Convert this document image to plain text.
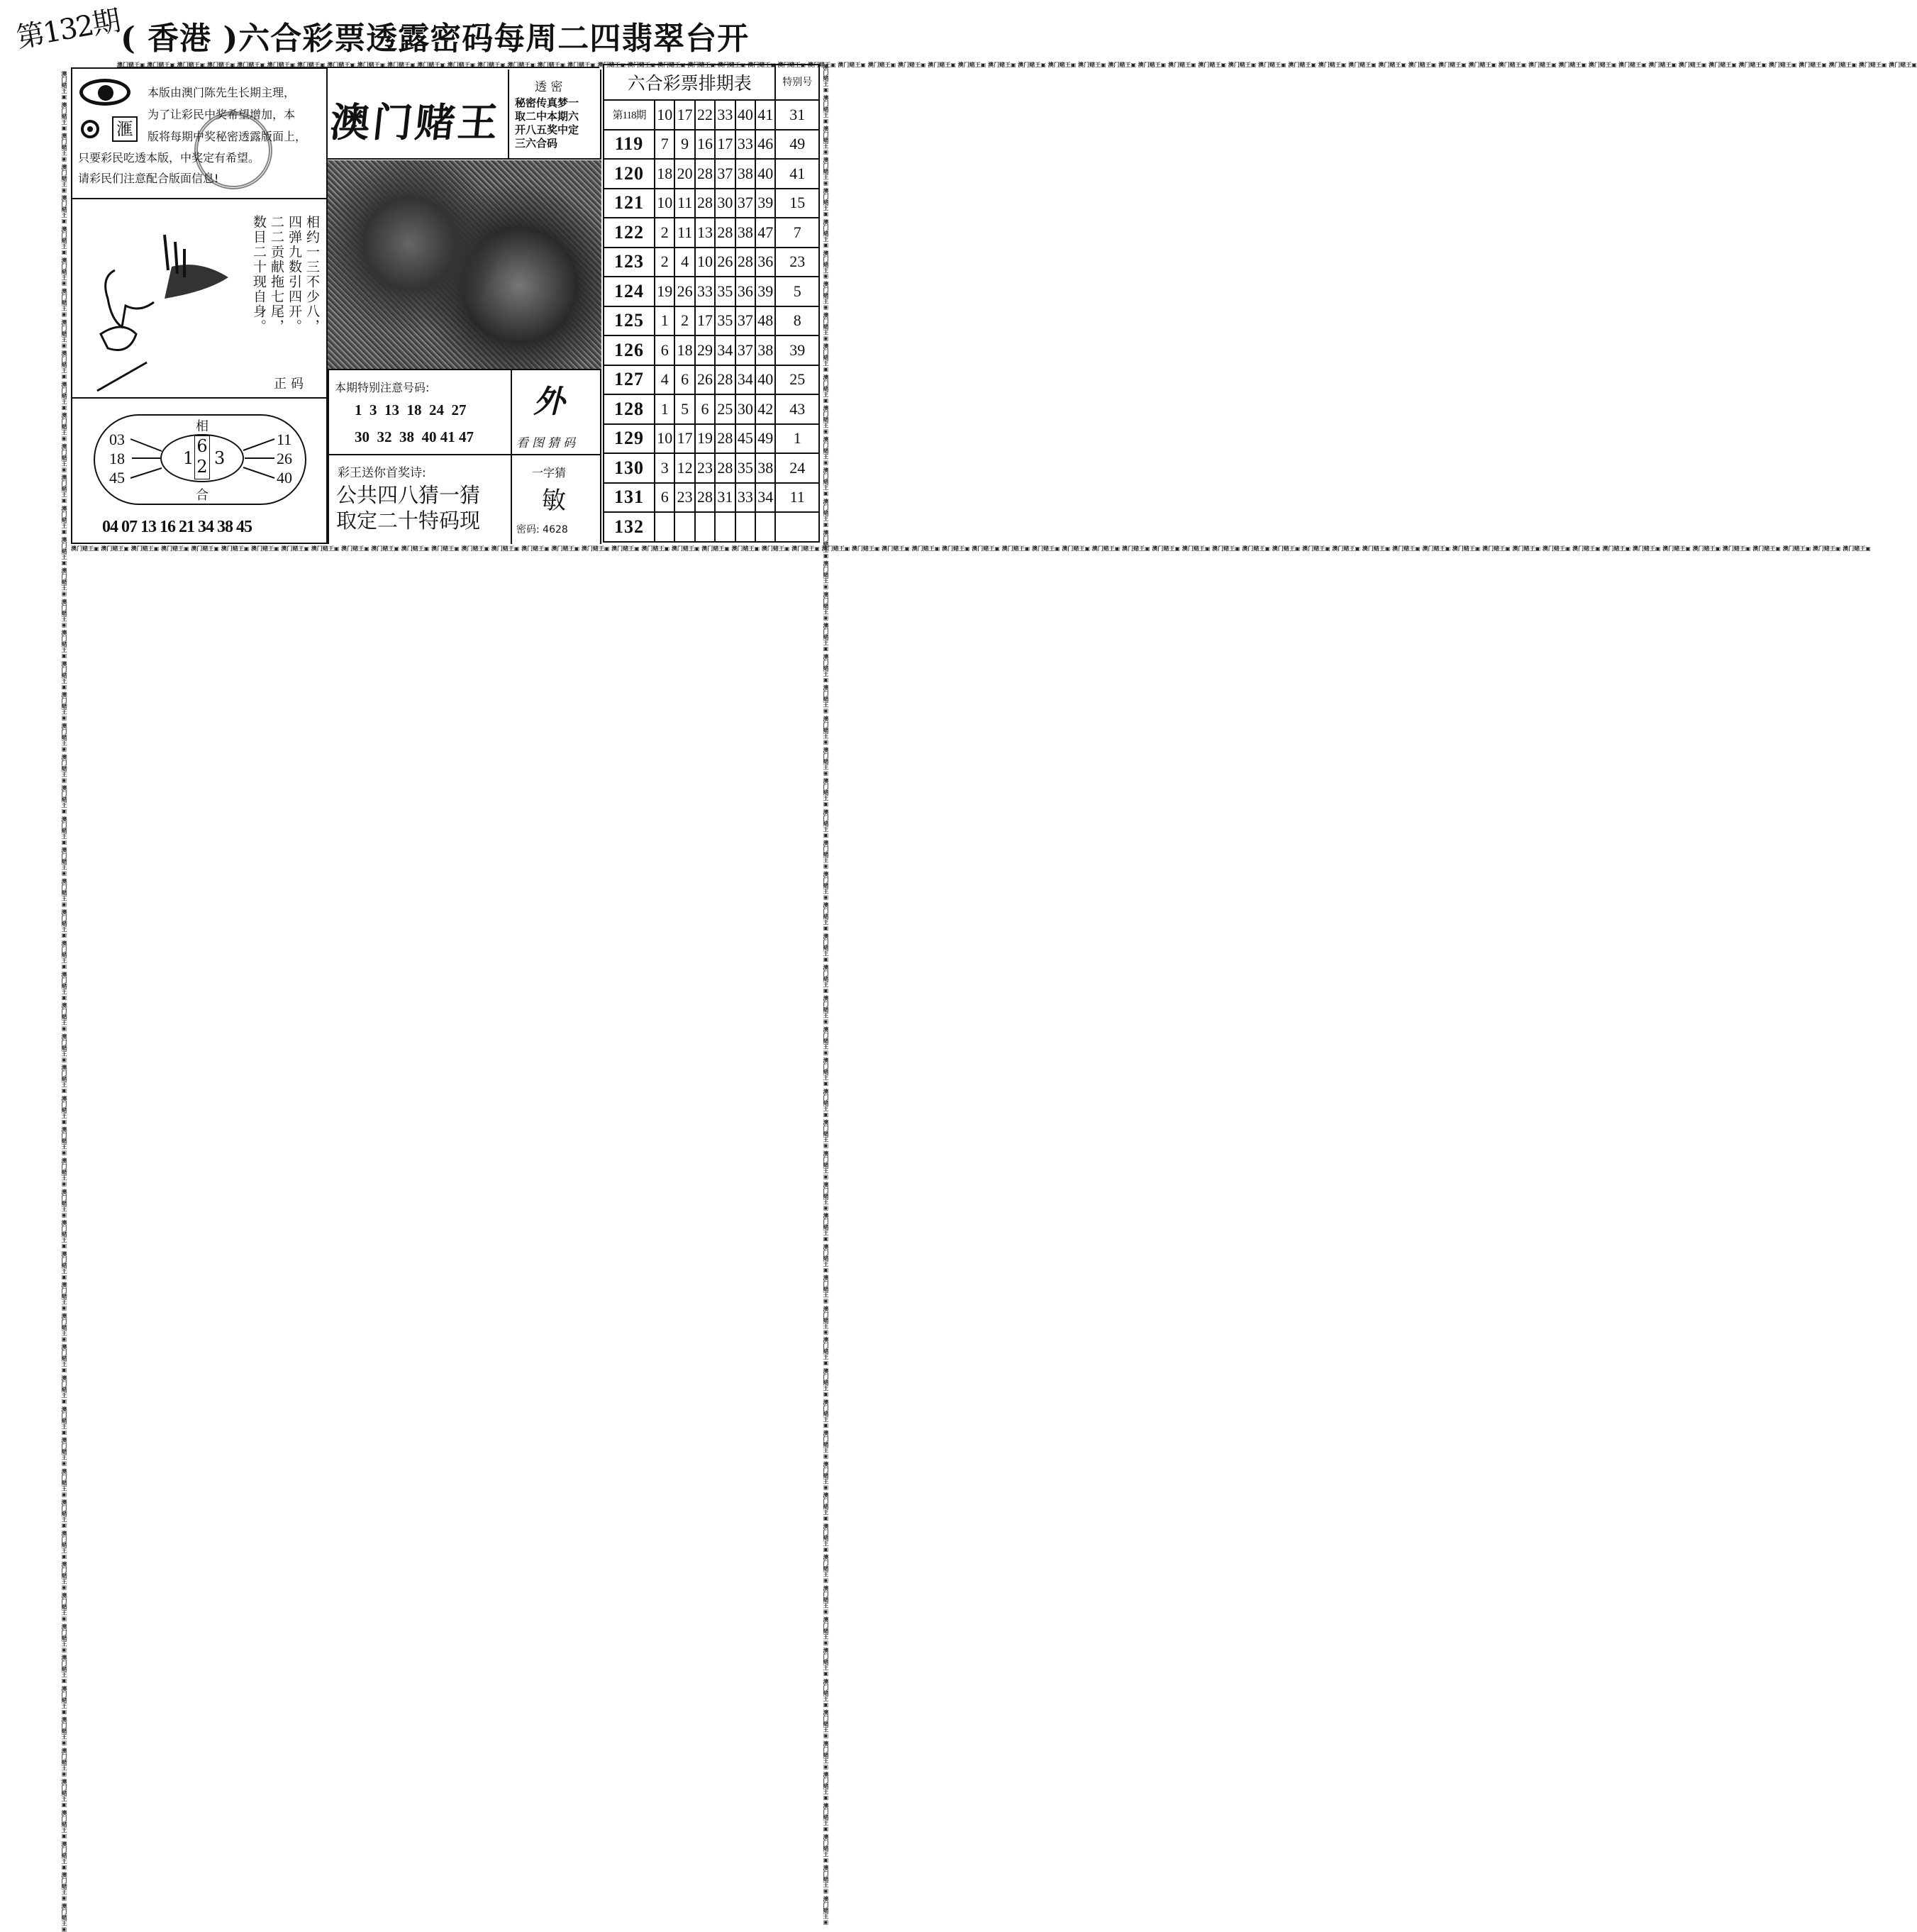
第132期
( 香港 )六合彩票透露密码每周二四翡翠台开
澳门赌王▣ 澳门赌王▣ 澳门赌王▣ 澳门赌王▣ 澳门赌王▣ 澳门赌王▣ 澳门赌王▣ 澳门赌王▣ 澳门赌王▣ 澳门赌王▣ 澳门赌王▣ 澳门赌王▣ 澳门赌王▣ 澳门赌王▣ 澳门赌王▣ 澳门赌王▣ 澳门赌王▣ 澳门赌王▣ 澳门赌王▣ 澳门赌王▣ 澳门赌王▣ 澳门赌王▣ 澳门赌王▣ 澳门赌王▣ 澳门赌王▣ 澳门赌王▣ 澳门赌王▣ 澳门赌王▣ 澳门赌王▣ 澳门赌王▣ 澳门赌王▣ 澳门赌王▣ 澳门赌王▣ 澳门赌王▣ 澳门赌王▣ 澳门赌王▣ 澳门赌王▣ 澳门赌王▣ 澳门赌王▣ 澳门赌王▣ 澳门赌王▣ 澳门赌王▣ 澳门赌王▣ 澳门赌王▣ 澳门赌王▣ 澳门赌王▣ 澳门赌王▣ 澳门赌王▣ 澳门赌王▣ 澳门赌王▣ 澳门赌王▣ 澳门赌王▣ 澳门赌王▣ 澳门赌王▣ 澳门赌王▣ 澳门赌王▣ 澳门赌王▣ 澳门赌王▣ 澳门赌王▣ 澳门赌王▣
澳门赌王▣ 澳门赌王▣ 澳门赌王▣ 澳门赌王▣ 澳门赌王▣ 澳门赌王▣ 澳门赌王▣ 澳门赌王▣ 澳门赌王▣ 澳门赌王▣ 澳门赌王▣ 澳门赌王▣ 澳门赌王▣ 澳门赌王▣ 澳门赌王▣ 澳门赌王▣ 澳门赌王▣ 澳门赌王▣ 澳门赌王▣ 澳门赌王▣ 澳门赌王▣ 澳门赌王▣ 澳门赌王▣ 澳门赌王▣ 澳门赌王▣ 澳门赌王▣ 澳门赌王▣ 澳门赌王▣ 澳门赌王▣ 澳门赌王▣ 澳门赌王▣ 澳门赌王▣ 澳门赌王▣ 澳门赌王▣ 澳门赌王▣ 澳门赌王▣ 澳门赌王▣ 澳门赌王▣ 澳门赌王▣ 澳门赌王▣ 澳门赌王▣ 澳门赌王▣ 澳门赌王▣ 澳门赌王▣ 澳门赌王▣ 澳门赌王▣ 澳门赌王▣ 澳门赌王▣ 澳门赌王▣ 澳门赌王▣ 澳门赌王▣ 澳门赌王▣ 澳门赌王▣ 澳门赌王▣ 澳门赌王▣ 澳门赌王▣ 澳门赌王▣ 澳门赌王▣ 澳门赌王▣ 澳门赌王▣
澳门赌王▣ 澳门赌王▣ 澳门赌王▣ 澳门赌王▣ 澳门赌王▣ 澳门赌王▣ 澳门赌王▣ 澳门赌王▣ 澳门赌王▣ 澳门赌王▣ 澳门赌王▣ 澳门赌王▣ 澳门赌王▣ 澳门赌王▣ 澳门赌王▣ 澳门赌王▣ 澳门赌王▣ 澳门赌王▣ 澳门赌王▣ 澳门赌王▣ 澳门赌王▣ 澳门赌王▣ 澳门赌王▣ 澳门赌王▣ 澳门赌王▣ 澳门赌王▣ 澳门赌王▣ 澳门赌王▣ 澳门赌王▣ 澳门赌王▣ 澳门赌王▣ 澳门赌王▣ 澳门赌王▣ 澳门赌王▣ 澳门赌王▣ 澳门赌王▣ 澳门赌王▣ 澳门赌王▣ 澳门赌王▣ 澳门赌王▣ 澳门赌王▣ 澳门赌王▣ 澳门赌王▣ 澳门赌王▣ 澳门赌王▣ 澳门赌王▣ 澳门赌王▣ 澳门赌王▣ 澳门赌王▣ 澳门赌王▣ 澳门赌王▣ 澳门赌王▣ 澳门赌王▣ 澳门赌王▣ 澳门赌王▣ 澳门赌王▣ 澳门赌王▣ 澳门赌王▣ 澳门赌王▣ 澳门赌王▣
澳门赌王▣ 澳门赌王▣ 澳门赌王▣ 澳门赌王▣ 澳门赌王▣ 澳门赌王▣ 澳门赌王▣ 澳门赌王▣ 澳门赌王▣ 澳门赌王▣ 澳门赌王▣ 澳门赌王▣ 澳门赌王▣ 澳门赌王▣ 澳门赌王▣ 澳门赌王▣ 澳门赌王▣ 澳门赌王▣ 澳门赌王▣ 澳门赌王▣ 澳门赌王▣ 澳门赌王▣ 澳门赌王▣ 澳门赌王▣ 澳门赌王▣ 澳门赌王▣ 澳门赌王▣ 澳门赌王▣ 澳门赌王▣ 澳门赌王▣ 澳门赌王▣ 澳门赌王▣ 澳门赌王▣ 澳门赌王▣ 澳门赌王▣ 澳门赌王▣ 澳门赌王▣ 澳门赌王▣ 澳门赌王▣ 澳门赌王▣ 澳门赌王▣ 澳门赌王▣ 澳门赌王▣ 澳门赌王▣ 澳门赌王▣ 澳门赌王▣ 澳门赌王▣ 澳门赌王▣ 澳门赌王▣ 澳门赌王▣ 澳门赌王▣ 澳门赌王▣ 澳门赌王▣ 澳门赌王▣ 澳门赌王▣ 澳门赌王▣ 澳门赌王▣ 澳门赌王▣ 澳门赌王▣ 澳门赌王▣	滙
本版由澳门陈先生长期主理，
为了让彩民中奖希望增加，本
版将每期中奖秘密透露版面上，
只要彩民吃透本版，中奖定有希望。
请彩民们注意配合版面信息!
相约一三不少八，
四弹九数引四开。
二二贡献拖七尾，
数目二十现自身。
正码
03
18
45
11
26
40
相
合
1
6
2 3
04 07 13 16 21 34 38 45
澳门赌王
透 密
秘密传真梦一
取二中本期六
开八五奖中定
三六合码
本期特别注意号码:
1  3  13  18  24  27
30  32  38  40 41 47
外
看图猜码
彩王送你首奖诗:
公共四八猜一猜
取定二十特码现
一字猜
敏
密码: 4628
六合彩票排期表							特别号
第118期	10	17	22	33	40	41	31
119	7	9	16	17	33	46	49
120	18	20	28	37	38	40	41
121	10	11	28	30	37	39	15
122	2	11	13	28	38	47	7
123	2	4	10	26	28	36	23
124	19	26	33	35	36	39	5
125	1	2	17	35	37	48	8
126	6	18	29	34	37	38	39
127	4	6	26	28	34	40	25
128	1	5	6	25	30	42	43
129	10	17	19	28	45	49	1
130	3	12	23	28	35	38	24
131	6	23	28	31	33	34	11
132							
